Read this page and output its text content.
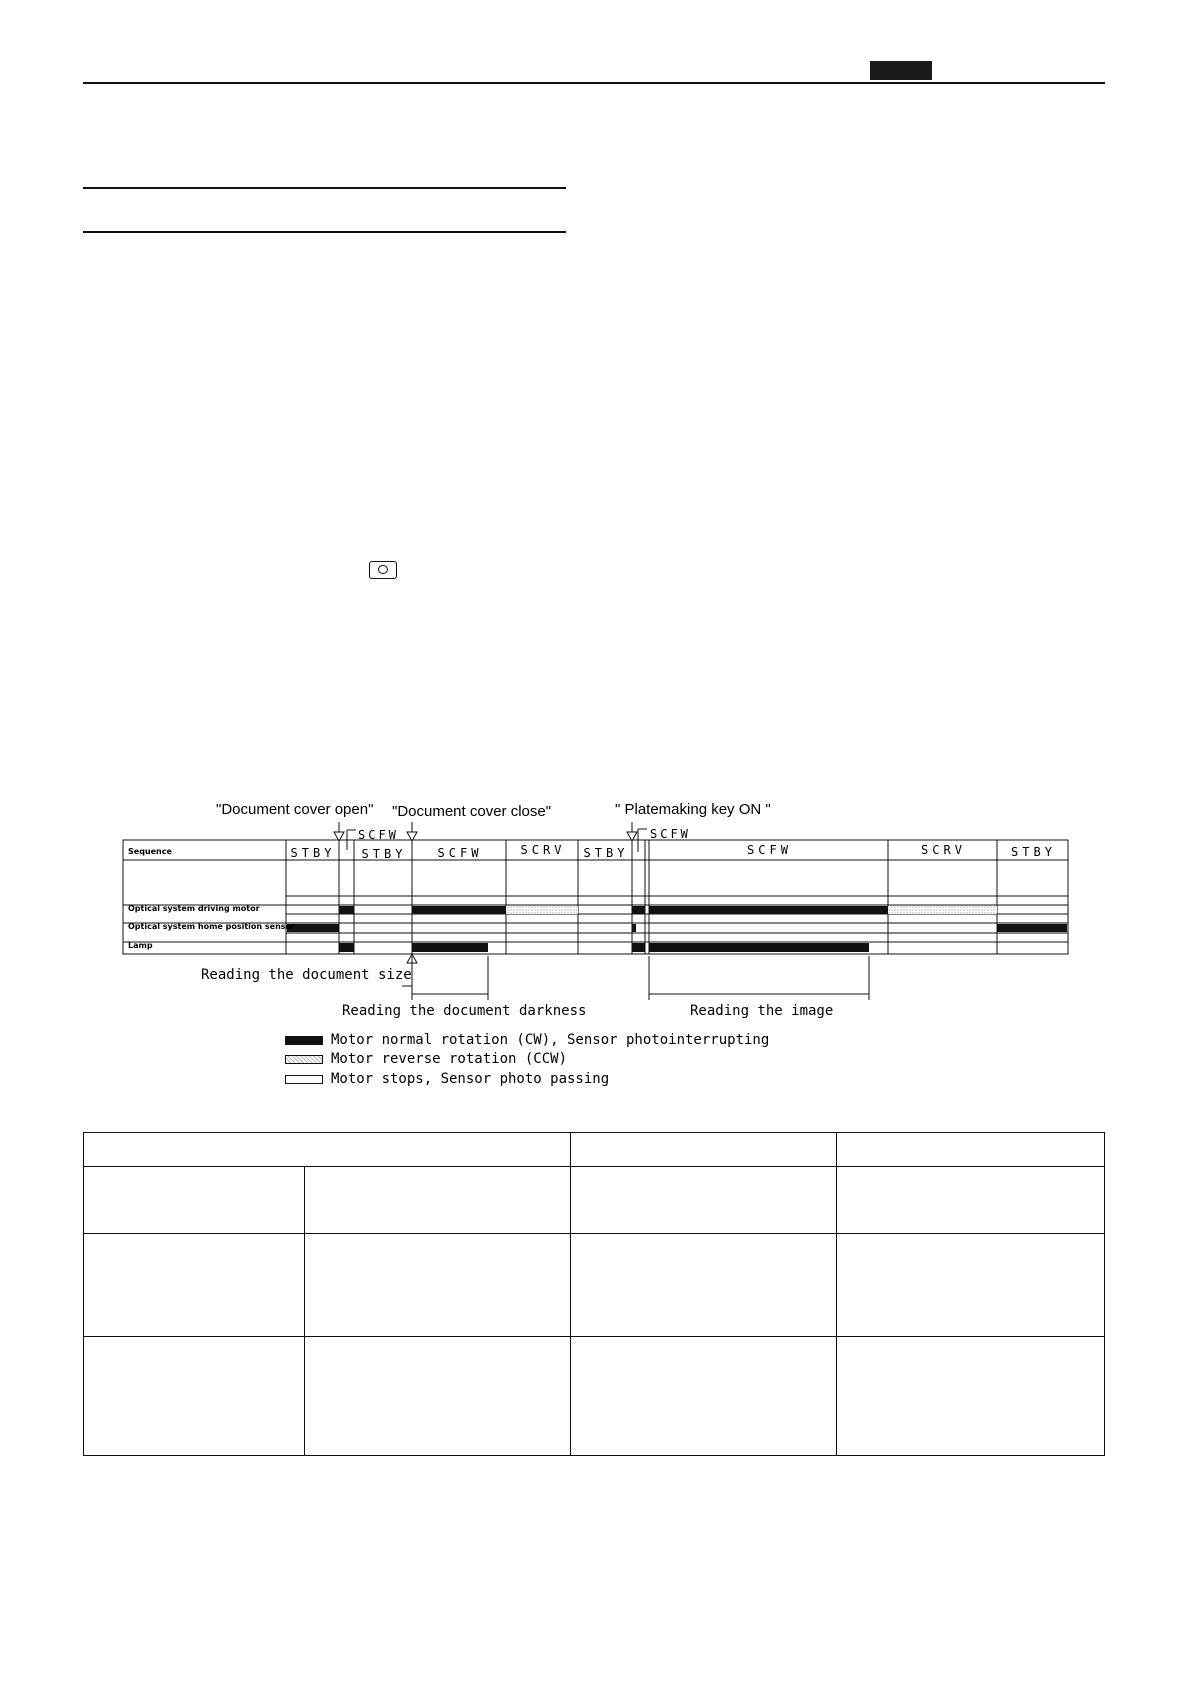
"Document cover open" "Document cover close"	" Platemaking key ON "
SCFW	SCFW
Sequence
Optical system driving motor
Optical system home position sensor
Lamp
STBY	STBY	SCFW	SCRV	STBY	SCFW	SCRV	STBY
Reading the document size
Reading the document darkness	Reading the image
Motor normal rotation (CW), Sensor photointerrupting
Motor reverse rotation (CCW)
Motor stops, Sensor photo passing
